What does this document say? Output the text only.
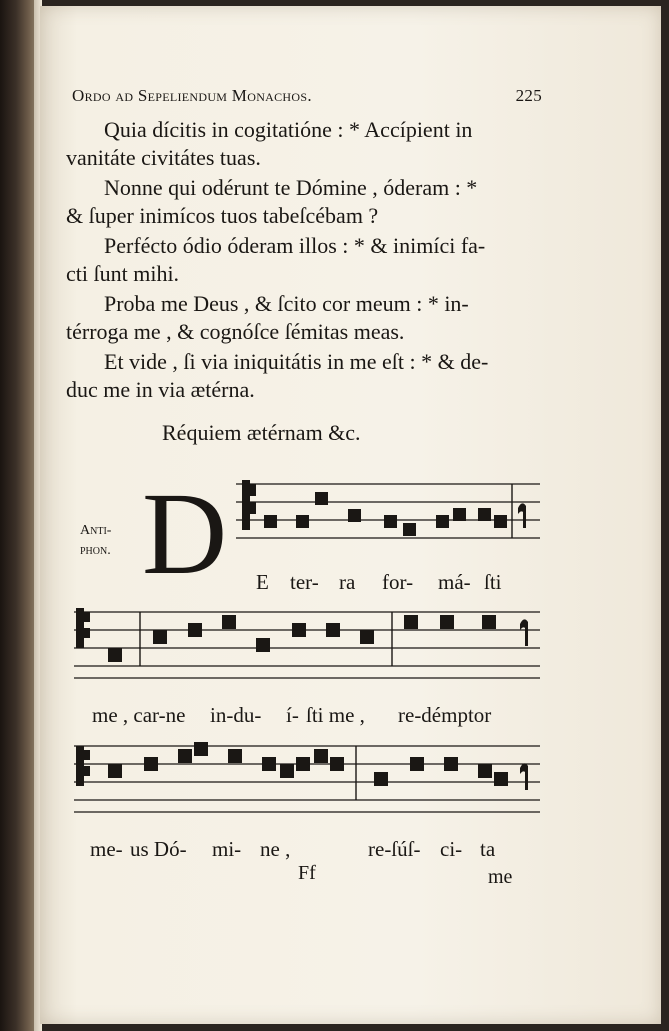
Ordo ad Sepeliendum Monachos.	225
Quia dícitis in cogitatióne : * Accípient in
vanitáte civitátes tuas.
Nonne qui odérunt te Dómine , óderam : *
& ſuper inimícos tuos tabeſcébam ?
Perfécto ódio óderam illos : * & inimíci fa-
cti ſunt mihi.
Proba me Deus , & ſcito cor meum : * in-
térroga me , & cognóſce ſémitas meas.
Et vide , ſi via iniquitátis in me eſt : * & de-
duc me in via ætérna.
Réquiem ætérnam &c.
Anti-
phon. D E ter- ra for- má- ſti
me , car-ne in-du- í- ſti me , re-démptor
me- us Dó- mi- ne ,	re-ſúſ- ci- ta
Ff	me
